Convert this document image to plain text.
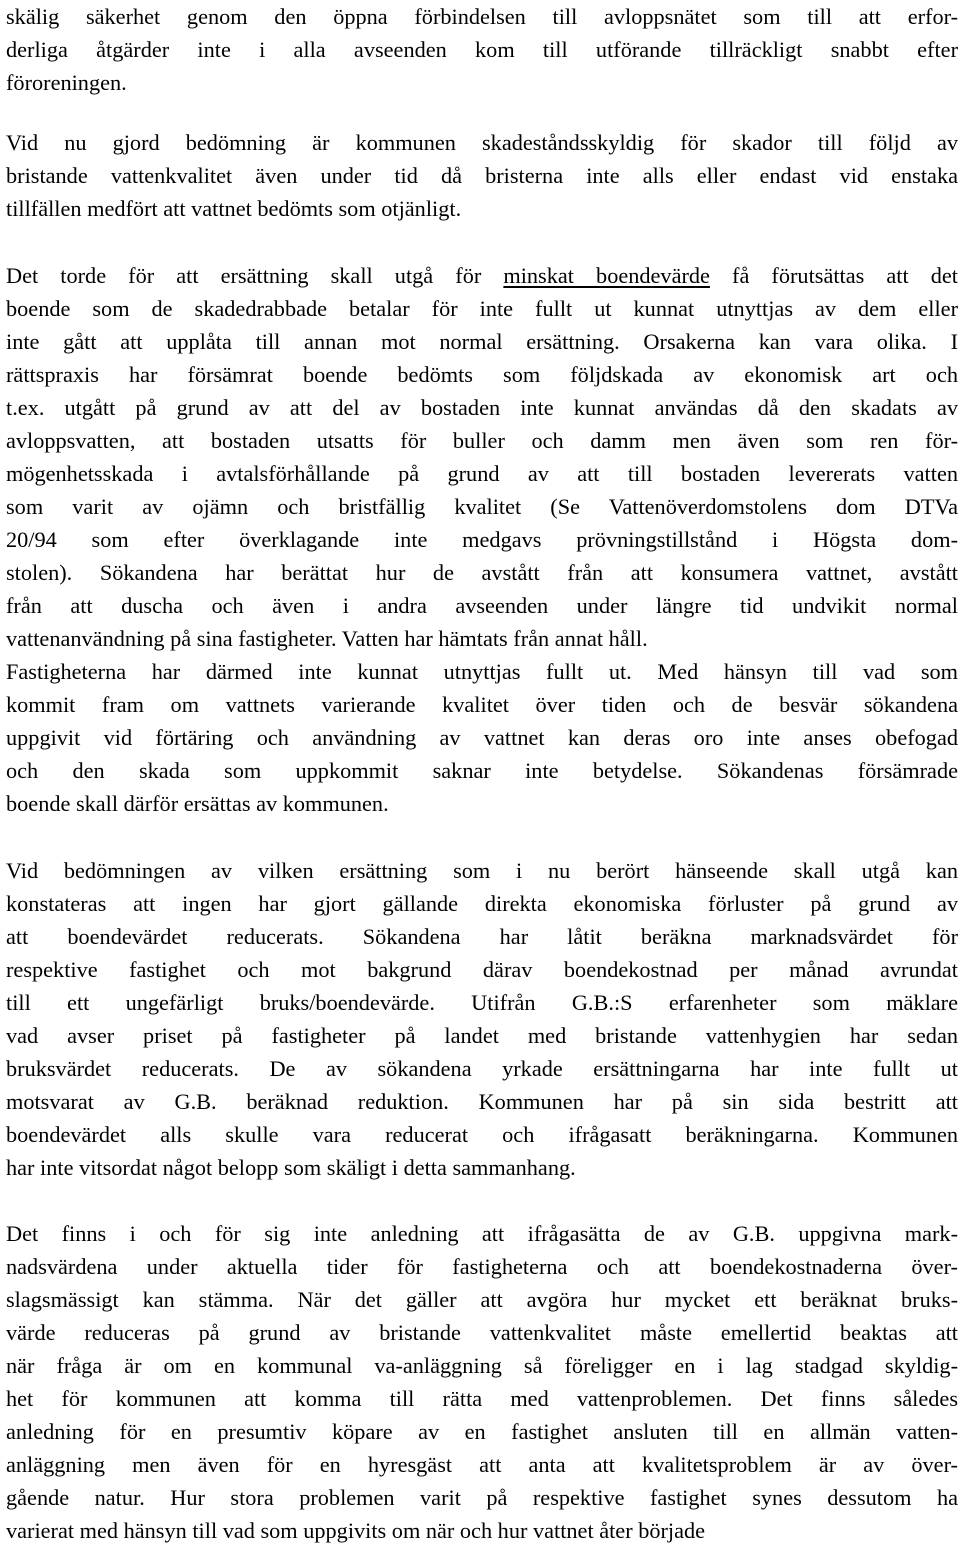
skälig säkerhet genom den öppna förbindelsen till avloppsnätet som till att erfor-
derliga åtgärder inte i alla avseenden kom till utförande tillräckligt snabbt efter
föroreningen.
Vid nu gjord bedömning är kommunen skadeståndsskyldig för skador till följd av
bristande vattenkvalitet även under tid då bristerna inte alls eller endast vid enstaka
tillfällen medfört att vattnet bedömts som otjänligt.
Det torde för att ersättning skall utgå för minskat boendevärde få förutsättas att det
boende som de skadedrabbade betalar för inte fullt ut kunnat utnyttjas av dem eller
inte gått att upplåta till annan mot normal ersättning. Orsakerna kan vara olika. I
rättspraxis har försämrat boende bedömts som följdskada av ekonomisk art och
t.ex. utgått på grund av att del av bostaden inte kunnat användas då den skadats av
avloppsvatten, att bostaden utsatts för buller och damm men även som ren för-
mögenhetsskada i avtalsförhållande på grund av att till bostaden levererats vatten
som varit av ojämn och bristfällig kvalitet (Se Vattenöverdomstolens dom DTVa
20/94 som efter överklagande inte medgavs prövningstillstånd i Högsta dom-
stolen). Sökandena har berättat hur de avstått från att konsumera vattnet, avstått
från att duscha och även i andra avseenden under längre tid undvikit normal
vattenanvändning på sina fastigheter. Vatten har hämtats från annat håll.
Fastigheterna har därmed inte kunnat utnyttjas fullt ut. Med hänsyn till vad som
kommit fram om vattnets varierande kvalitet över tiden och de besvär sökandena
uppgivit vid förtäring och användning av vattnet kan deras oro inte anses obefogad
och den skada som uppkommit saknar inte betydelse. Sökandenas försämrade
boende skall därför ersättas av kommunen.
Vid bedömningen av vilken ersättning som i nu berört hänseende skall utgå kan
konstateras att ingen har gjort gällande direkta ekonomiska förluster på grund av
att boendevärdet reducerats. Sökandena har låtit beräkna marknadsvärdet för
respektive fastighet och mot bakgrund därav boendekostnad per månad avrundat
till ett ungefärligt bruks/boendevärde. Utifrån G.B.:S erfarenheter som mäklare
vad avser priset på fastigheter på landet med bristande vattenhygien har sedan
bruksvärdet reducerats. De av sökandena yrkade ersättningarna har inte fullt ut
motsvarat av G.B. beräknad reduktion. Kommunen har på sin sida bestritt att
boendevärdet alls skulle vara reducerat och ifrågasatt beräkningarna. Kommunen
har inte vitsordat något belopp som skäligt i detta sammanhang.
Det finns i och för sig inte anledning att ifrågasätta de av G.B. uppgivna mark-
nadsvärdena under aktuella tider för fastigheterna och att boendekostnaderna över-
slagsmässigt kan stämma. När det gäller att avgöra hur mycket ett beräknat bruks-
värde reduceras på grund av bristande vattenkvalitet måste emellertid beaktas att
när fråga är om en kommunal va-anläggning så föreligger en i lag stadgad skyldig-
het för kommunen att komma till rätta med vattenproblemen. Det finns således
anledning för en presumtiv köpare av en fastighet ansluten till en allmän vatten-
anläggning men även för en hyresgäst att anta att kvalitetsproblem är av över-
gående natur. Hur stora problemen varit på respektive fastighet synes dessutom ha
varierat med hänsyn till vad som uppgivits om när och hur vattnet åter började
